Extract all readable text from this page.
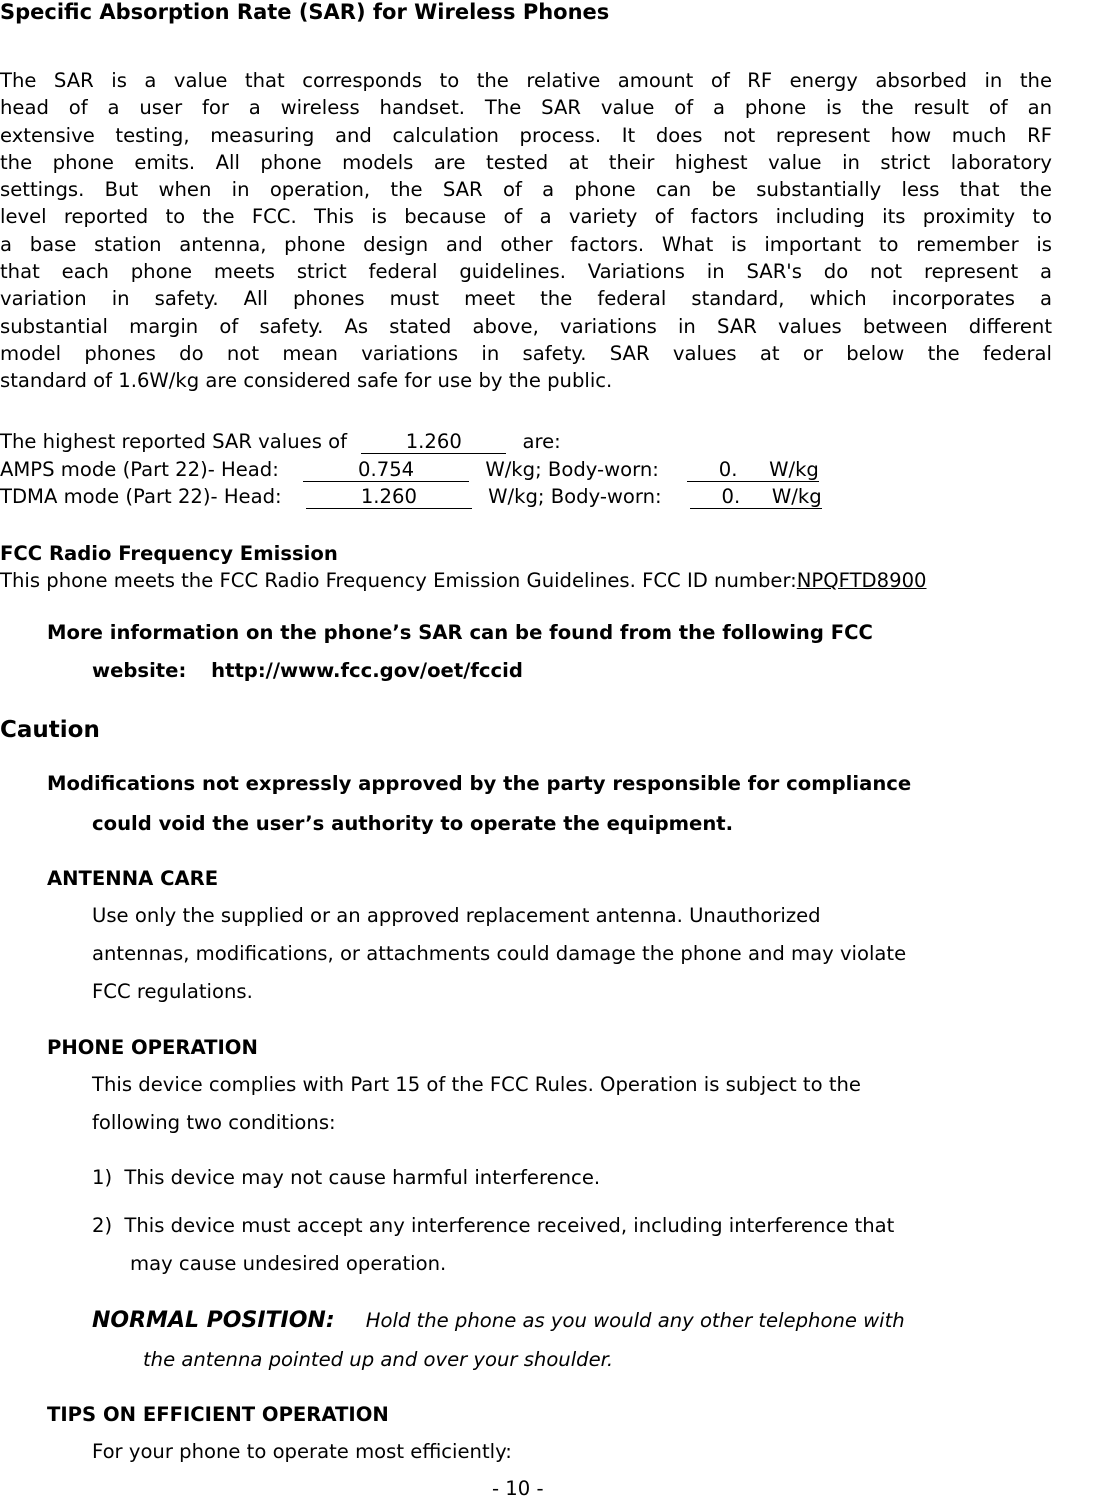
Specific Absorption Rate (SAR) for Wireless Phones
The SAR is a value that corresponds to the relative amount of RF energy absorbed in the
head of a user for a wireless handset. The SAR value of a phone is the result of an
extensive testing, measuring and calculation process. It does not represent how much RF
the phone emits. All phone models are tested at their highest value in strict laboratory
settings. But when in operation, the SAR of a phone can be substantially less that the
level reported to the FCC. This is because of a variety of factors including its proximity to
a base station antenna, phone design and other factors. What is important to remember is
that each phone meets strict federal guidelines. Variations in SAR's do not represent a
variation in safety. All phones must meet the federal standard, which incorporates a
substantial margin of safety. As stated above, variations in SAR values between different
model phones do not mean variations in safety. SAR values at or below the federal
standard of 1.6W/kg are considered safe for use by the public.
The highest reported SAR values of	1.260	are:
AMPS mode (Part 22)- Head:	0.754	W/kg; Body-worn:	0. W/kg
TDMA mode (Part 22)- Head:	1.260	W/kg; Body-worn:	0. W/kg
FCC Radio Frequency Emission
This phone meets the FCC Radio Frequency Emission Guidelines. FCC ID number:NPQFTD8900
More information on the phone’s SAR can be found from the following FCC
website: http://www.fcc.gov/oet/fccid
Caution
Modifications not expressly approved by the party responsible for compliance
could void the user’s authority to operate the equipment.
ANTENNA CARE
Use only the supplied or an approved replacement antenna. Unauthorized
antennas, modifications, or attachments could damage the phone and may violate
FCC regulations.
PHONE OPERATION
This device complies with Part 15 of the FCC Rules. Operation is subject to the
following two conditions:
1) This device may not cause harmful interference.
2) This device must accept any interference received, including interference that
may cause undesired operation.
NORMAL POSITION: Hold the phone as you would any other telephone with
the antenna pointed up and over your shoulder.
TIPS ON EFFICIENT OPERATION
For your phone to operate most efficiently:
- 10 -
